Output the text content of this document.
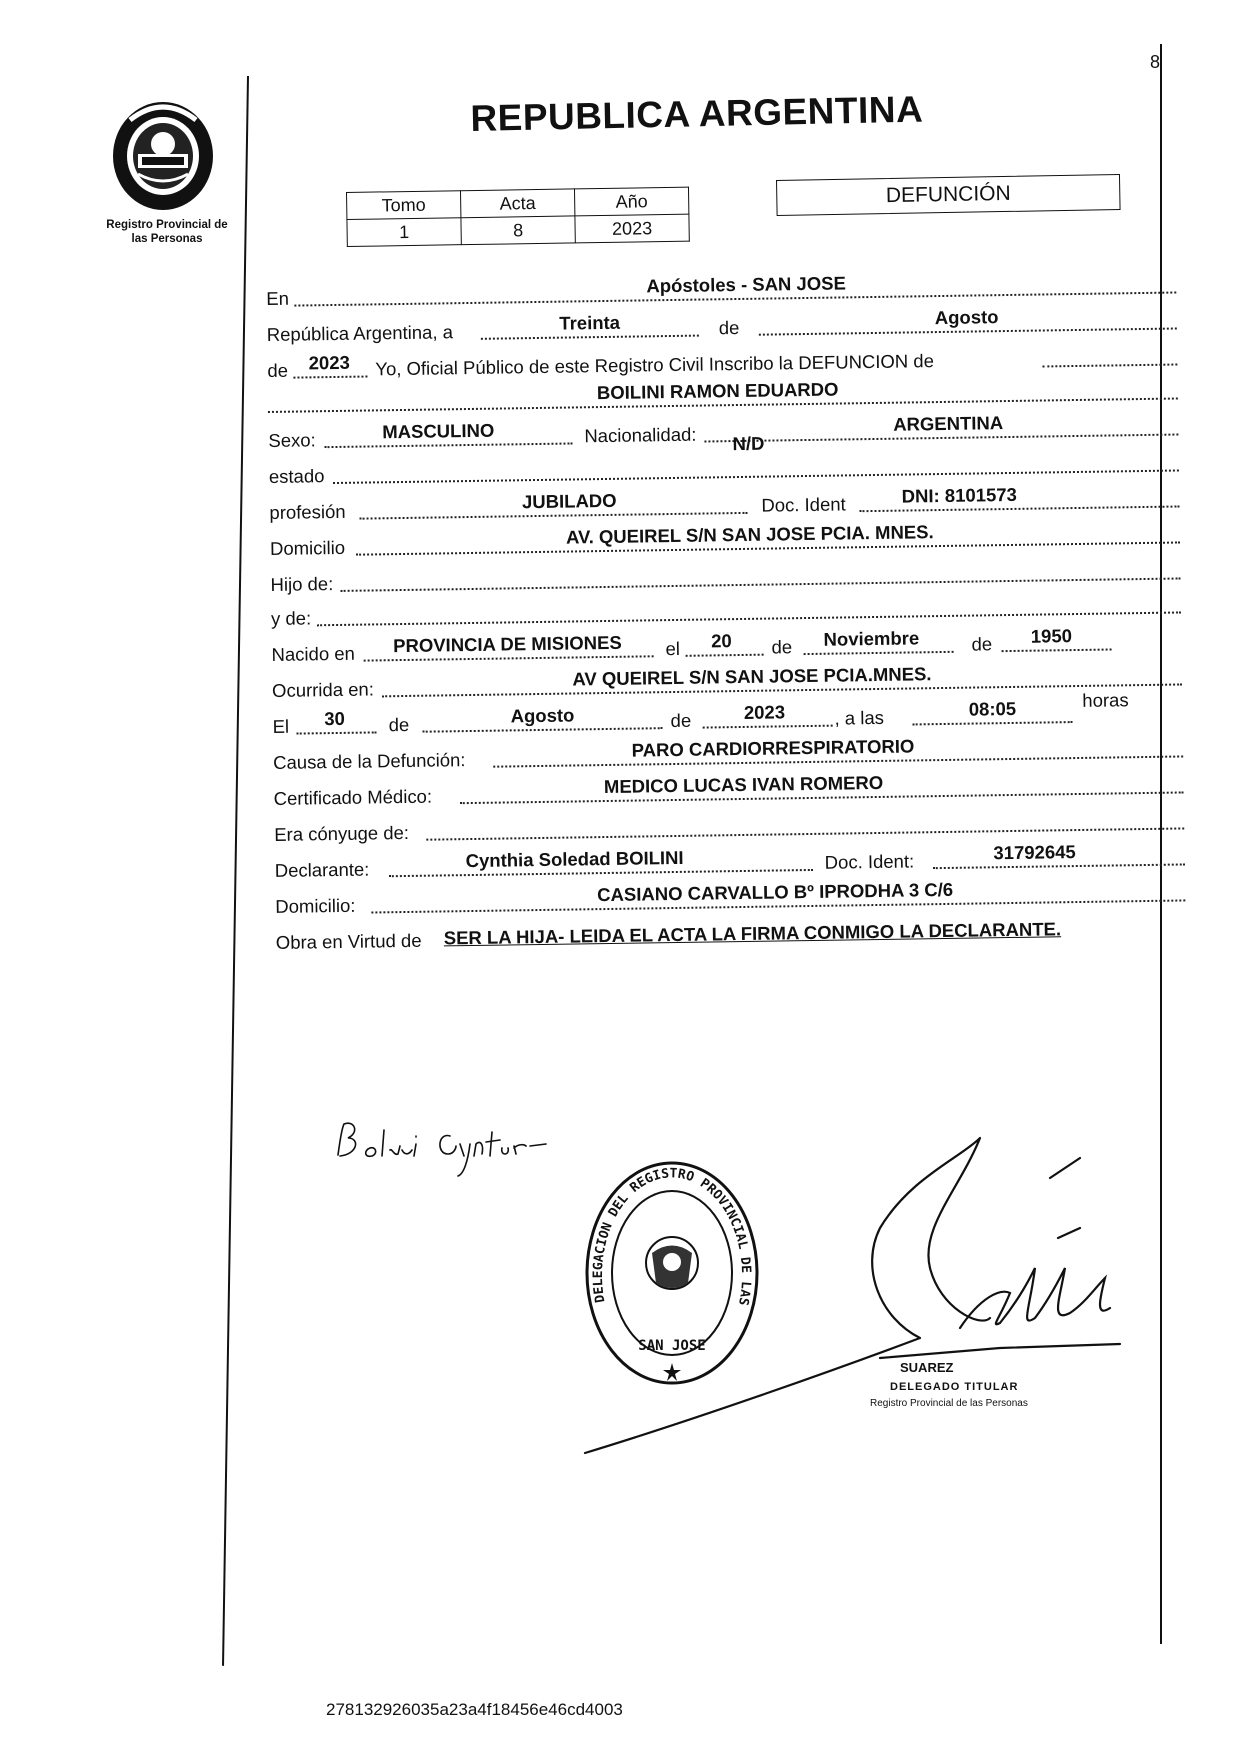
8
Registro Provincial de
las Personas
REPUBLICA ARGENTINA
Tomo	Acta	Año
1	8	2023
DEFUNCIÓN
En
Apóstoles - SAN JOSE
República Argentina, a	Treinta	de	Agosto
de 2023 Yo, Oficial Público de este Registro Civil Inscribo la DEFUNCION de
BOILINI RAMON EDUARDO
Sexo:	MASCULINO	Nacionalidad:
ARGENTINA
estado
N/D
profesión	JUBILADO	Doc. Ident	DNI: 8101573
Domicilio
AV. QUEIREL S/N SAN JOSE PCIA. MNES.
Hijo de:
y de:
Nacido en PROVINCIA DE MISIONES el 20 de Noviembre	de 1950
Ocurrida en:
AV QUEIREL S/N SAN JOSE PCIA.MNES.
El 30 de	Agosto	de	2023	, a las	08:05	horas
Causa de la Defunción:
PARO CARDIORRESPIRATORIO
Certificado Médico:
MEDICO LUCAS IVAN ROMERO
Era cónyuge de:
Declarante:	Cynthia Soledad BOILINI	Doc. Ident:	31792645
Domicilio:
CASIANO CARVALLO Bº IPRODHA 3 C/6
Obra en Virtud de SER LA HIJA- LEIDA EL ACTA LA FIRMA CONMIGO LA DECLARANTE.
DELEGACION DEL REGISTRO PROVINCIAL DE LAS
SAN JOSE
SUAREZ
DELEGADO TITULAR
Registro Provincial de las Personas
278132926035a23a4f18456e46cd4003
